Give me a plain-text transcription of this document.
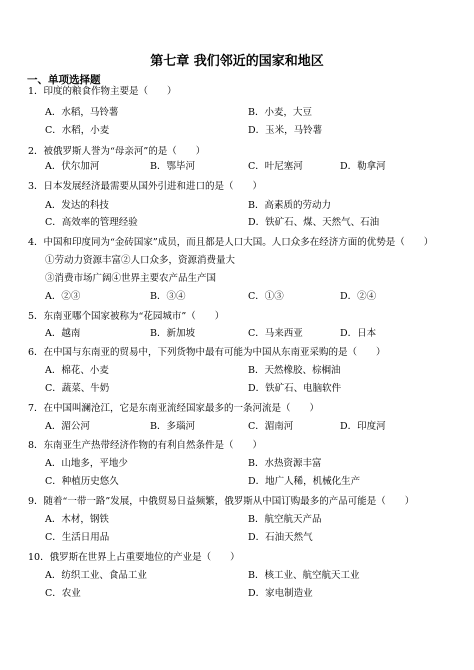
第七章 我们邻近的国家和地区
一、单项选择题
1．印度的粮食作物主要是（　　）
A．水稻，马铃薯	B．小麦，大豆
C．水稻，小麦	D．玉米，马铃薯
2．被俄罗斯人誉为“母亲河”的是（　　）
A．伏尔加河	B．鄂毕河	C．叶尼塞河	D．勒拿河
3．日本发展经济最需要从国外引进和进口的是（　　）
A．发达的科技	B．高素质的劳动力
C．高效率的管理经验	D．铁矿石、煤、天然气、石油
4．中国和印度同为“金砖国家”成员，而且都是人口大国。人口众多在经济方面的优势是（　　）
①劳动力资源丰富②人口众多，资源消费量大
③消费市场广阔④世界主要农产品生产国
A．②③	B．③④	C．①③	D．②④
5．东南亚哪个国家被称为“花园城市”（　　）
A．越南	B．新加坡	C．马来西亚	D．日本
6．在中国与东南亚的贸易中，下列货物中最有可能为中国从东南亚采购的是（　　）
A．棉花、小麦	B．天然橡胶、棕榈油
C．蔬菜、牛奶	D．铁矿石、电脑软件
7．在中国叫澜沧江，它是东南亚流经国家最多的一条河流是（　　）
A．湄公河	B．多瑙河	C．湄南河	D．印度河
8．东南亚生产热带经济作物的有利自然条件是（　　）
A．山地多，平地少	B．水热资源丰富
C．种植历史悠久	D．地广人稀，机械化生产
9．随着“一带一路”发展，中俄贸易日益频繁，俄罗斯从中国订购最多的产品可能是（　　）
A．木材，钢铁	B．航空航天产品
C．生活日用品	D．石油天然气
10．俄罗斯在世界上占重要地位的产业是（　　）
A．纺织工业、食品工业	B．核工业、航空航天工业
C．农业	D．家电制造业
